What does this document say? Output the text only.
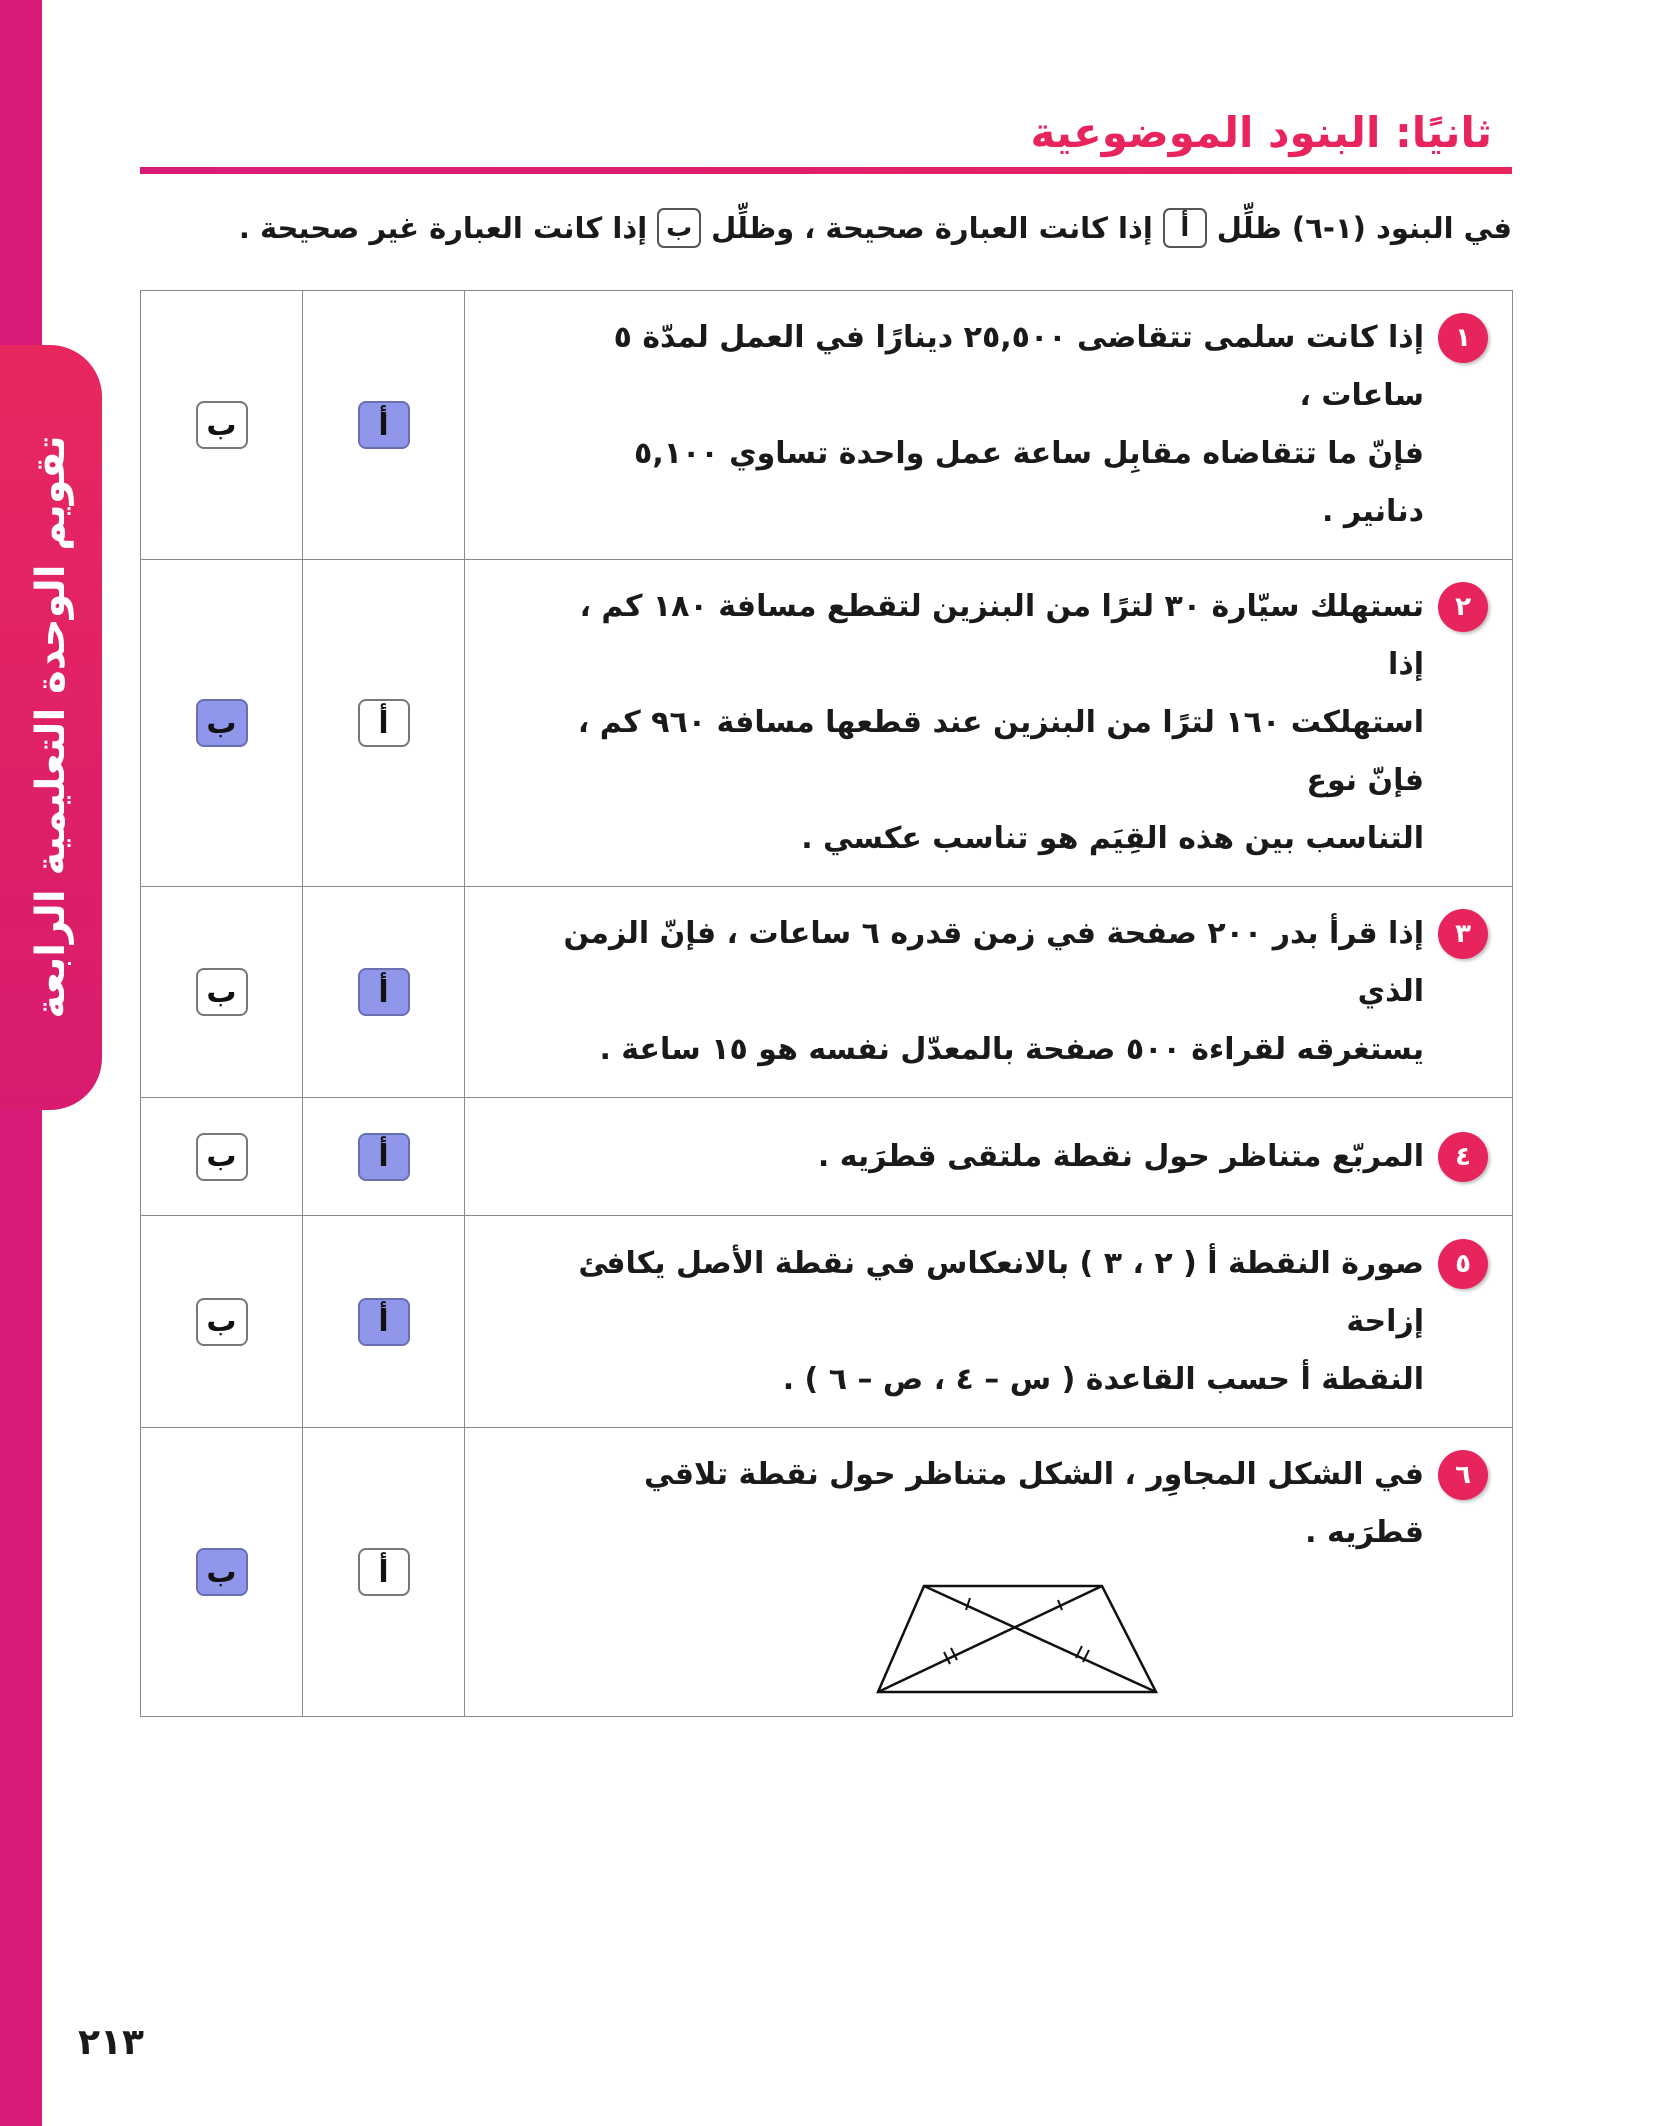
تقويم الوحدة التعليمية الرابعة
ثانيًا: البنود الموضوعية
في البنود (١-٦) ظلِّل
أ
إذا كانت العبارة صحيحة ، وظلِّل
ب
إذا كانت العبارة غير صحيحة .
١
إذا كانت سلمى تتقاضى ٢٥,٥٠٠ دينارًا في العمل لمدّة ٥ ساعات ،
فإنّ ما تتقاضاه مقابِل ساعة عمل واحدة تساوي ٥,١٠٠ دنانير .	أ	ب

٢
تستهلك سيّارة ٣٠ لترًا من البنزين لتقطع مسافة ١٨٠ كم ، إذا
استهلكت ١٦٠ لترًا من البنزين عند قطعها مسافة ٩٦٠ كم ، فإنّ نوع
التناسب بين هذه القِيَم هو تناسب عكسي .	أ	ب

٣
إذا قرأ بدر ٢٠٠ صفحة في زمن قدره ٦ ساعات ، فإنّ الزمن الذي
يستغرقه لقراءة ٥٠٠ صفحة بالمعدّل نفسه هو ١٥ ساعة .	أ	ب

٤
المربّع متناظر حول نقطة ملتقى قطرَيه .	أ	ب

٥
صورة النقطة أ ( ٢ ، ٣ ) بالانعكاس في نقطة الأصل يكافئ إزاحة
النقطة أ حسب القاعدة ( س – ٤ ، ص – ٦ ) .	أ	ب

٦
في الشكل المجاوِر ، الشكل متناظر حول نقطة تلاقي قطرَيه .	أ	ب
٢١٣
